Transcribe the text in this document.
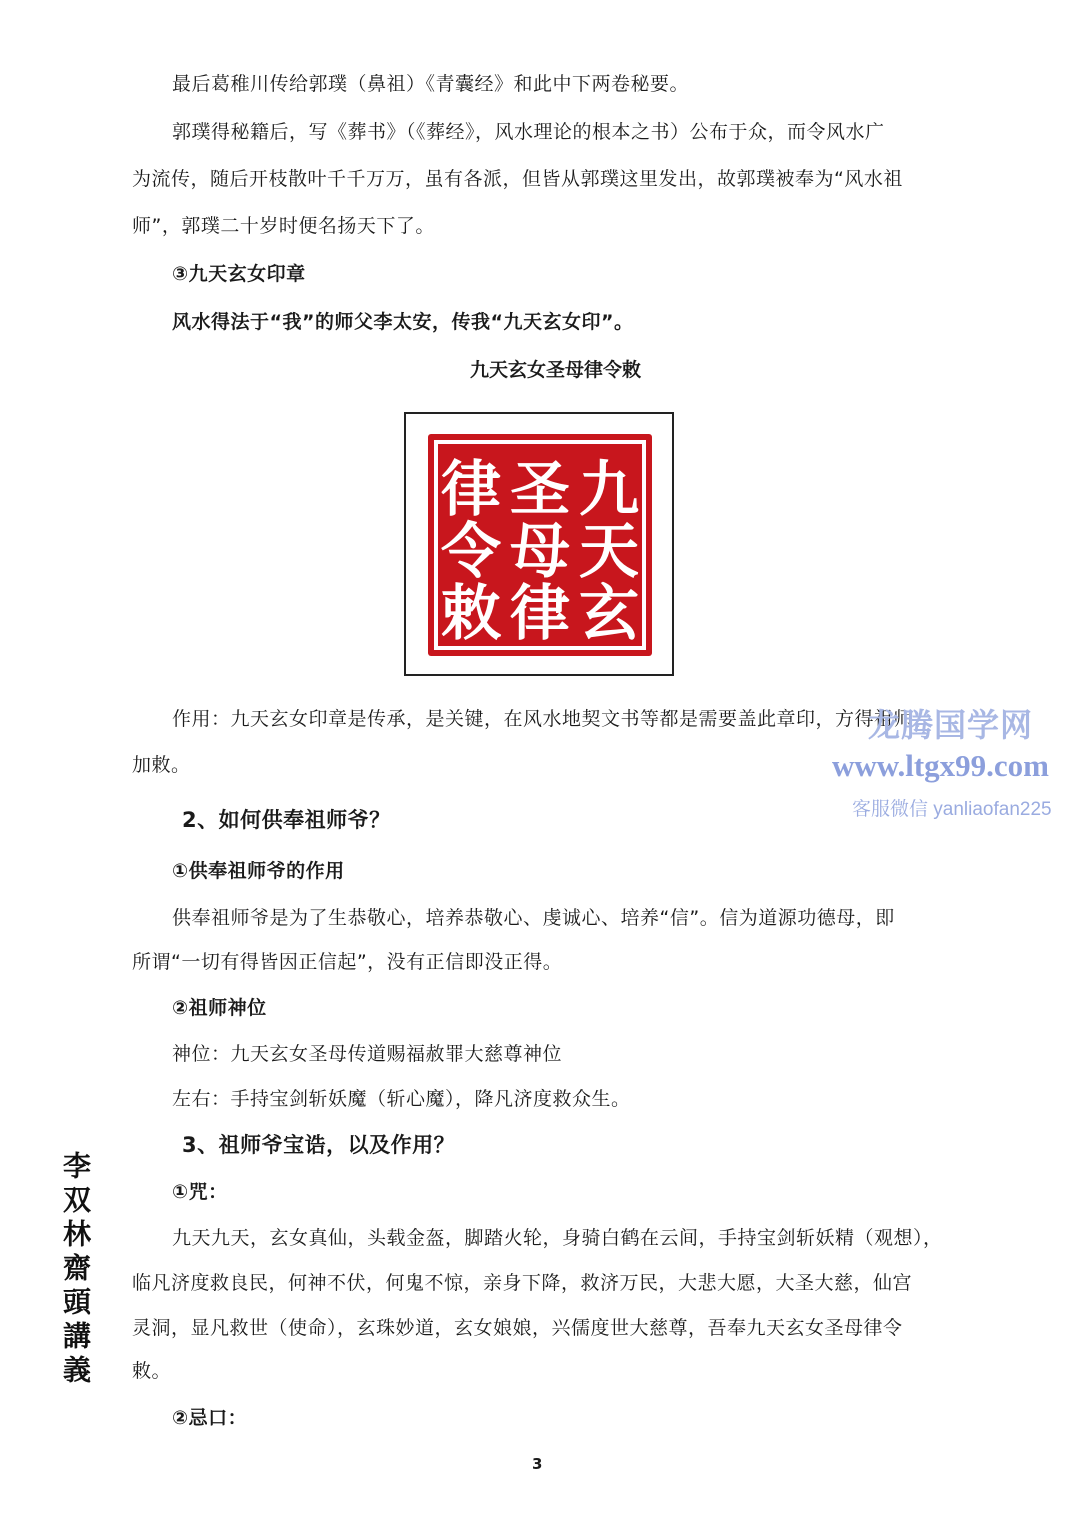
最后葛稚川传给郭璞（鼻祖）《青囊经》和此中下两卷秘要。
郭璞得秘籍后，写《葬书》（《葬经》，风水理论的根本之书）公布于众，而令风水广
为流传，随后开枝散叶千千万万，虽有各派，但皆从郭璞这里发出，故郭璞被奉为“风水祖
师”，郭璞二十岁时便名扬天下了。
③九天玄女印章
风水得法于“我”的师父李太安，传我“九天玄女印”。
九天玄女圣母律令敕
九
天
玄
圣
母
律
律
令
敕
作用：九天玄女印章是传承，是关键，在风水地契文书等都是需要盖此章印，方得祖师
加敕。
2、如何供奉祖师爷？
①供奉祖师爷的作用
供奉祖师爷是为了生恭敬心，培养恭敬心、虔诚心、培养“信”。信为道源功德母，即
所谓“一切有得皆因正信起”，没有正信即没正得。
②祖师神位
神位：九天玄女圣母传道赐福赦罪大慈尊神位
左右：手持宝剑斩妖魔（斩心魔），降凡济度救众生。
3、祖师爷宝诰，以及作用？
①咒：
九天九天，玄女真仙，头载金盔，脚踏火轮，身骑白鹤在云间，手持宝剑斩妖精（观想），
临凡济度救良民，何神不伏，何鬼不惊，亲身下降，救济万民，大悲大愿，大圣大慈，仙宫
灵洞，显凡救世（使命），玄珠妙道，玄女娘娘，兴儒度世大慈尊，吾奉九天玄女圣母律令
敕。
②忌口：
李双林齋頭講義
3
龙腾国学网
www.ltgx99.com
客服微信 yanliaofan225
